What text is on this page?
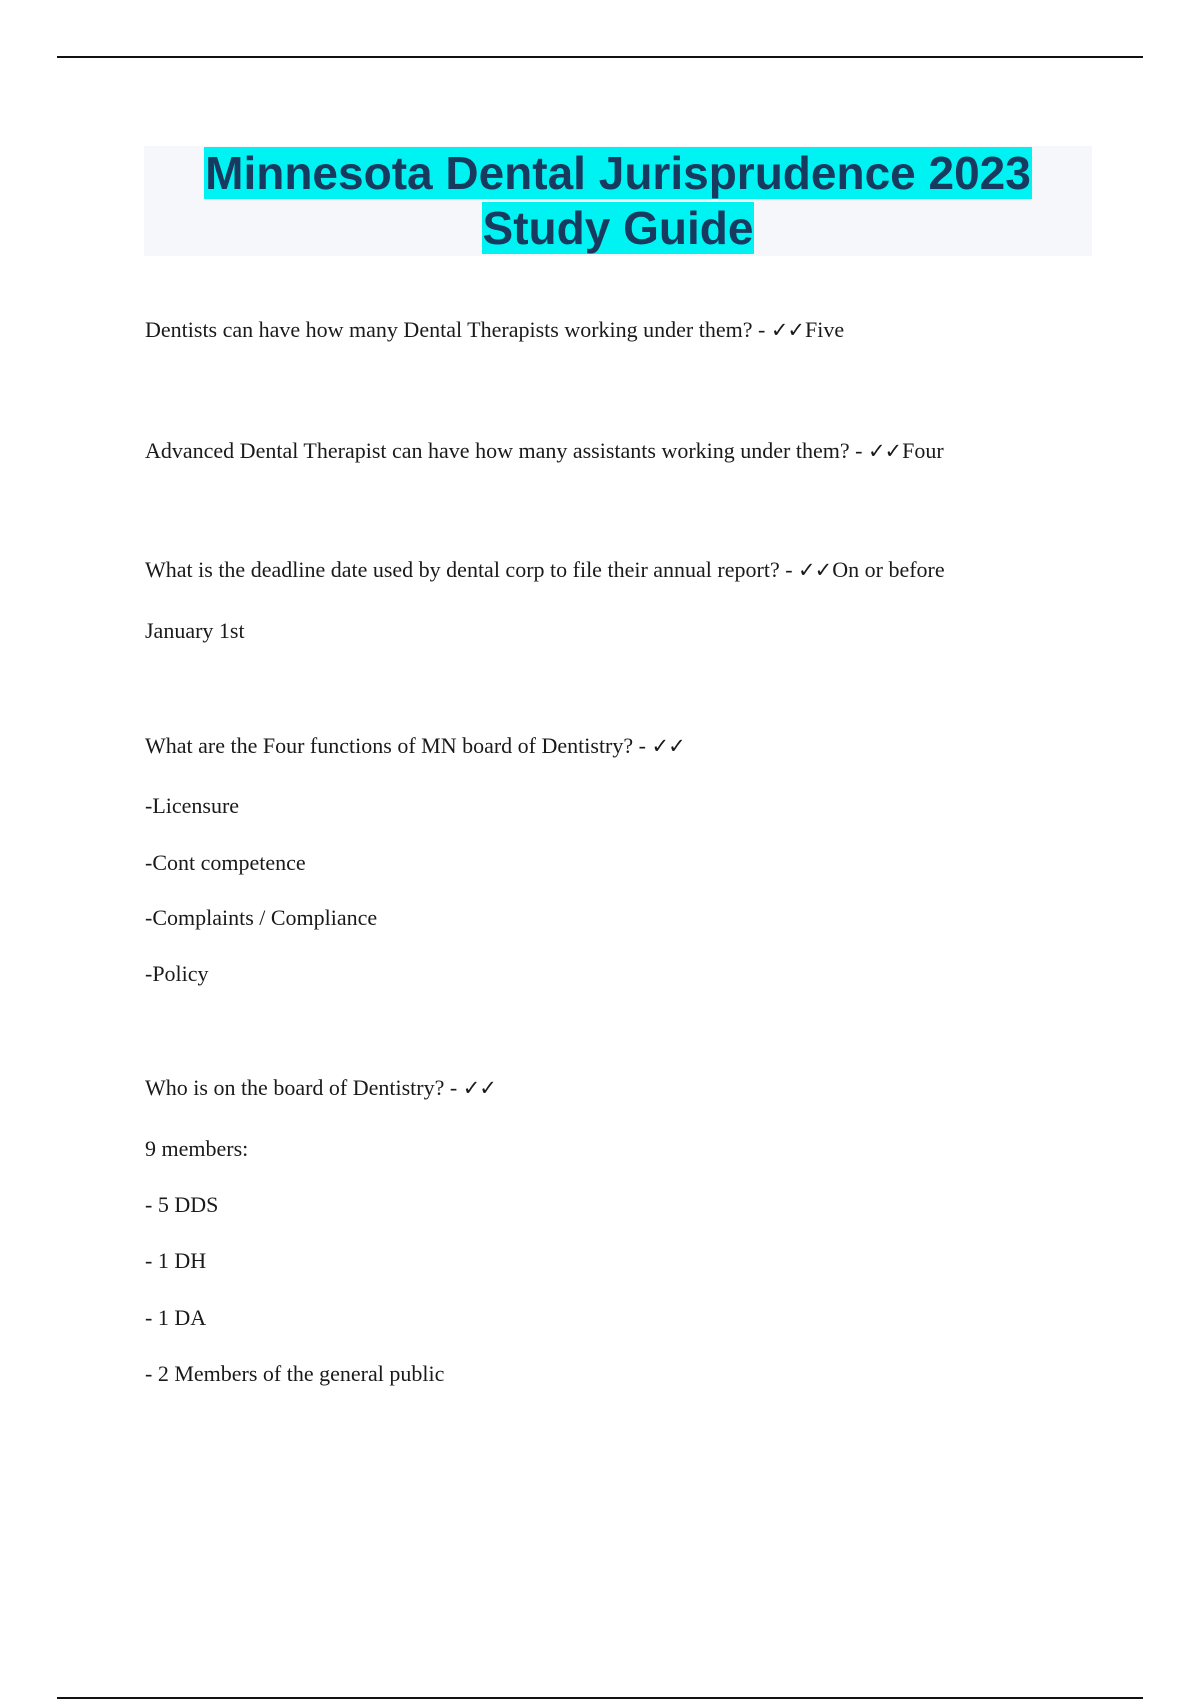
Minnesota Dental Jurisprudence 2023
Study Guide
Dentists can have how many Dental Therapists working under them? - ✓✓Five
Advanced Dental Therapist can have how many assistants working under them? - ✓✓Four
What is the deadline date used by dental corp to file their annual report? - ✓✓On or before
January 1st
What are the Four functions of MN board of Dentistry? - ✓✓
-Licensure
-Cont competence
-Complaints / Compliance
-Policy
Who is on the board of Dentistry? - ✓✓
9 members:
- 5 DDS
- 1 DH
- 1 DA
- 2 Members of the general public
